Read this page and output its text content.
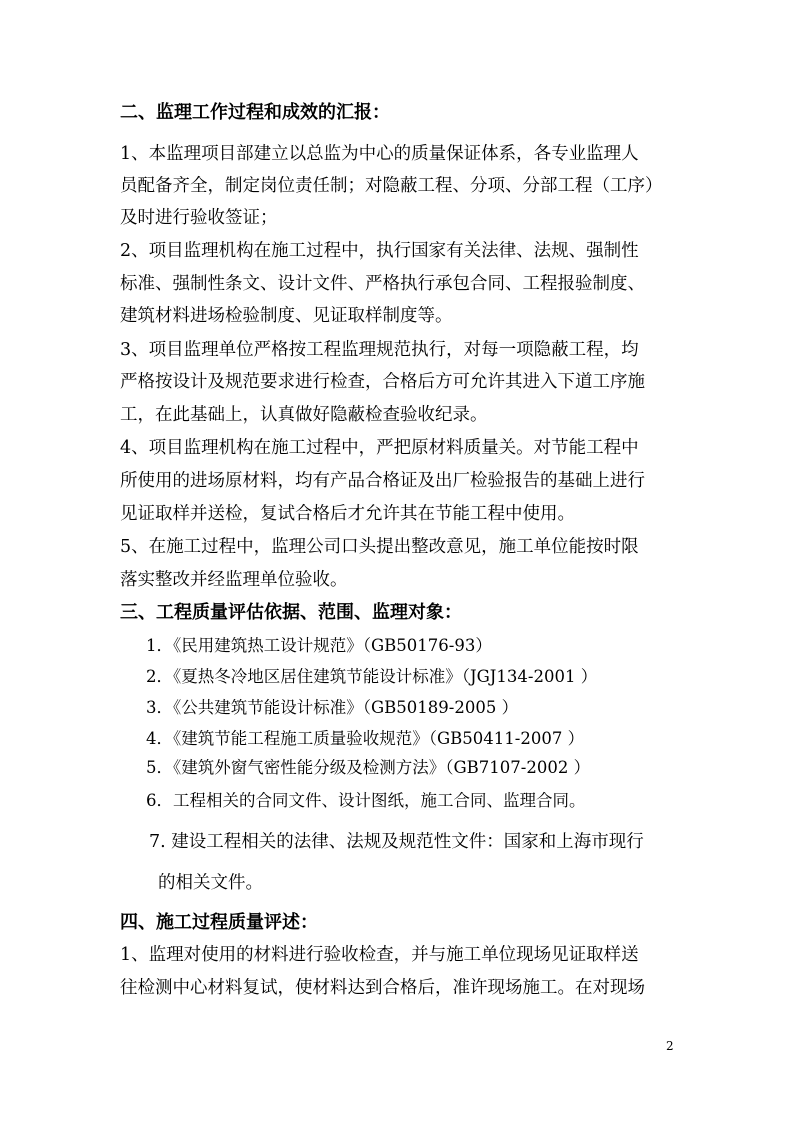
二、监理工作过程和成效的汇报：
1、本监理项目部建立以总监为中心的质量保证体系，各专业监理人
员配备齐全，制定岗位责任制；对隐蔽工程、分项、分部工程（工序）
及时进行验收签证；
2、项目监理机构在施工过程中，执行国家有关法律、法规、强制性
标准、强制性条文、设计文件、严格执行承包合同、工程报验制度、
建筑材料进场检验制度、见证取样制度等。
3、项目监理单位严格按工程监理规范执行，对每一项隐蔽工程，均
严格按设计及规范要求进行检查，合格后方可允许其进入下道工序施
工，在此基础上，认真做好隐蔽检查验收纪录。
4、项目监理机构在施工过程中，严把原材料质量关。对节能工程中
所使用的进场原材料，均有产品合格证及出厂检验报告的基础上进行
见证取样并送检，复试合格后才允许其在节能工程中使用。
5、在施工过程中，监理公司口头提出整改意见，施工单位能按时限
落实整改并经监理单位验收。
三、工程质量评估依据、范围、监理对象：
1．《民用建筑热工设计规范》（GB50176-93）
2．《夏热冬冷地区居住建筑节能设计标准》（JGJ134-2001 ）
3．《公共建筑节能设计标准》（GB50189-2005 ）
4．《建筑节能工程施工质量验收规范》（GB50411-2007 ）
5．《建筑外窗气密性能分级及检测方法》（GB7107-2002 ）
6．工程相关的合同文件、设计图纸，施工合同、监理合同。
7. 建设工程相关的法律、法规及规范性文件：国家和上海市现行
的相关文件。
四、施工过程质量评述：
1、监理对使用的材料进行验收检查，并与施工单位现场见证取样送
往检测中心材料复试，使材料达到合格后，准许现场施工。在对现场
2
